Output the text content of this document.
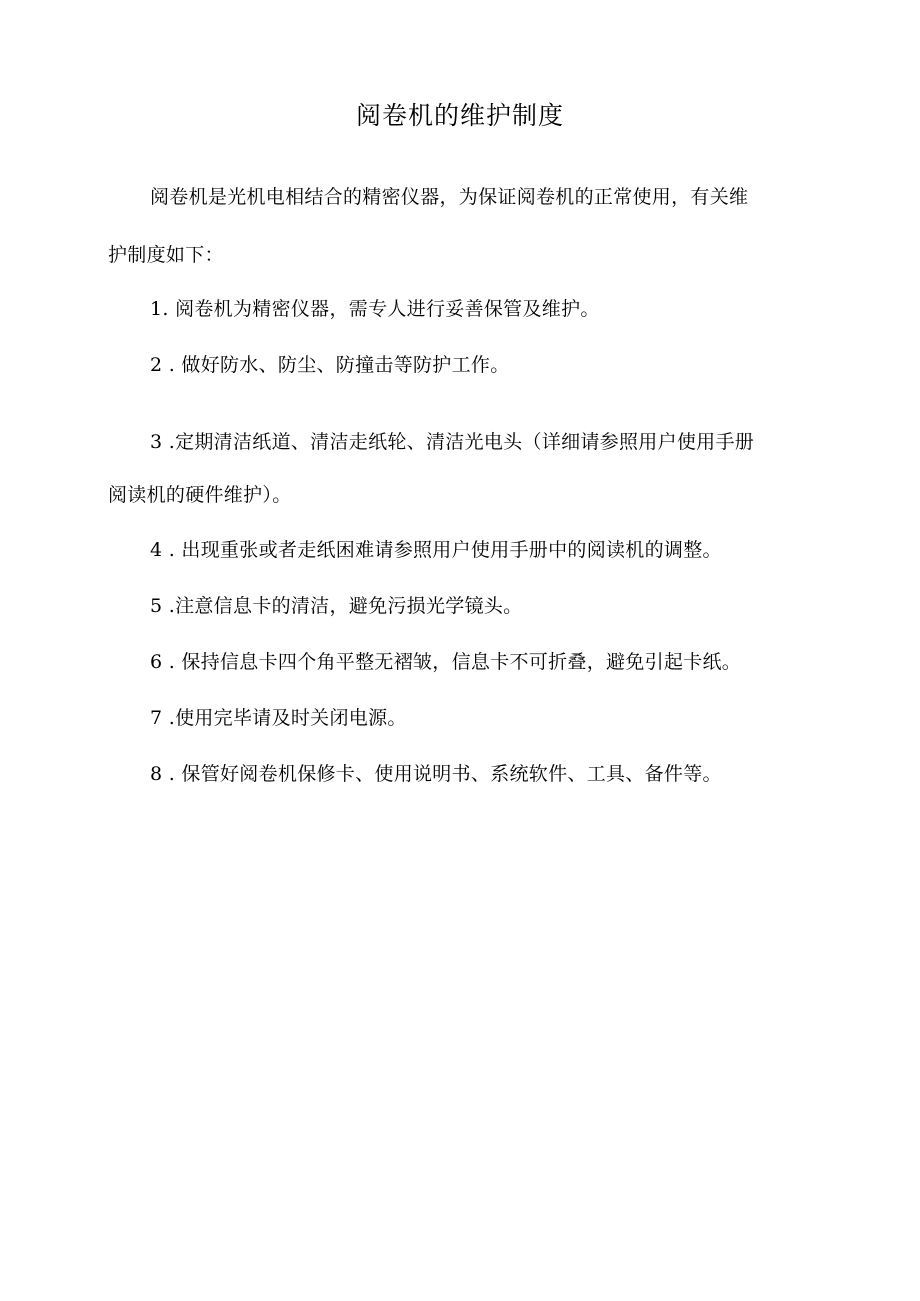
阅卷机的维护制度
阅卷机是光机电相结合的精密仪器，为保证阅卷机的正常使用，有关维
护制度如下：
1. 阅卷机为精密仪器，需专人进行妥善保管及维护。
2 . 做好防水、防尘、防撞击等防护工作。
3 .定期清洁纸道、清洁走纸轮、清洁光电头（详细请参照用户使用手册
阅读机的硬件维护）。
4 . 出现重张或者走纸困难请参照用户使用手册中的阅读机的调整。
5 .注意信息卡的清洁，避免污损光学镜头。
6 . 保持信息卡四个角平整无褶皱，信息卡不可折叠，避免引起卡纸。
7 .使用完毕请及时关闭电源。
8 . 保管好阅卷机保修卡、使用说明书、系统软件、工具、备件等。
